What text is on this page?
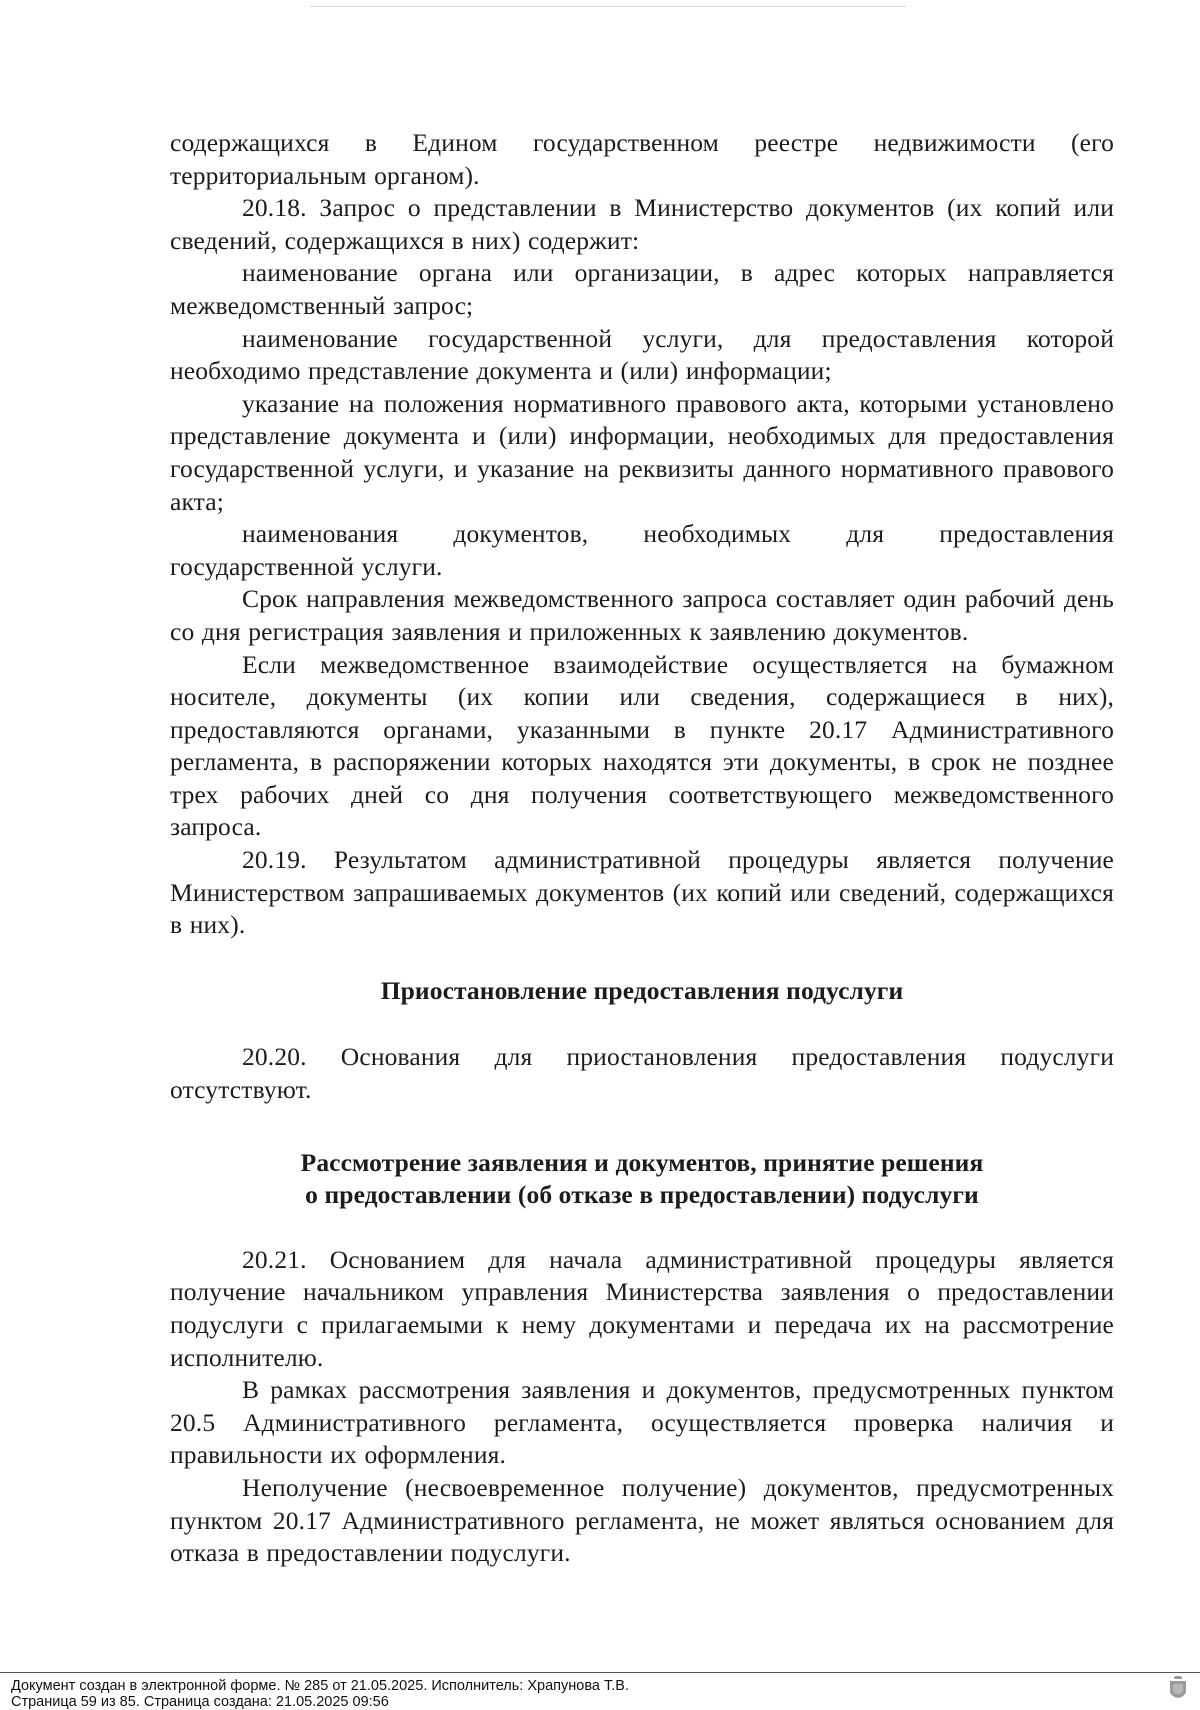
содержащихся в Едином государственном реестре недвижимости (его территориальным органом).

20.18. Запрос о представлении в Министерство документов (их копий или сведений, содержащихся в них) содержит:

наименование органа или организации, в адрес которых направляется межведомственный запрос;

наименование государственной услуги, для предоставления которой необходимо представление документа и (или) информации;

указание на положения нормативного правового акта, которыми установлено представление документа и (или) информации, необходимых для предоставления государственной услуги, и указание на реквизиты данного нормативного правового акта;

наименования документов, необходимых для предоставления государственной услуги.

Срок направления межведомственного запроса составляет один рабочий день со дня регистрация заявления и приложенных к заявлению документов.

Если межведомственное взаимодействие осуществляется на бумажном носителе, документы (их копии или сведения, содержащиеся в них), предоставляются органами, указанными в пункте 20.17 Административного регламента, в распоряжении которых находятся эти документы, в срок не позднее трех рабочих дней со дня получения соответствующего межведомственного запроса.

20.19. Результатом административной процедуры является получение Министерством запрашиваемых документов (их копий или сведений, содержащихся в них).

Приостановление предоставления подуслуги

20.20. Основания для приостановления предоставления подуслуги отсутствуют.

Рассмотрение заявления и документов, принятие решения
о предоставлении (об отказе в предоставлении) подуслуги

20.21. Основанием для начала административной процедуры является получение начальником управления Министерства заявления о предоставлении подуслуги с прилагаемыми к нему документами и передача их на рассмотрение исполнителю.

В рамках рассмотрения заявления и документов, предусмотренных пунктом 20.5 Административного регламента, осуществляется проверка наличия и правильности их оформления.

Неполучение (несвоевременное получение) документов, предусмотренных пунктом 20.17 Административного регламента, не может являться основанием для отказа в предоставлении подуслуги.

Документ создан в электронной форме. № 285 от 21.05.2025. Исполнитель: Храпунова Т.В.
Страница 59 из 85. Страница создана: 21.05.2025 09:56
